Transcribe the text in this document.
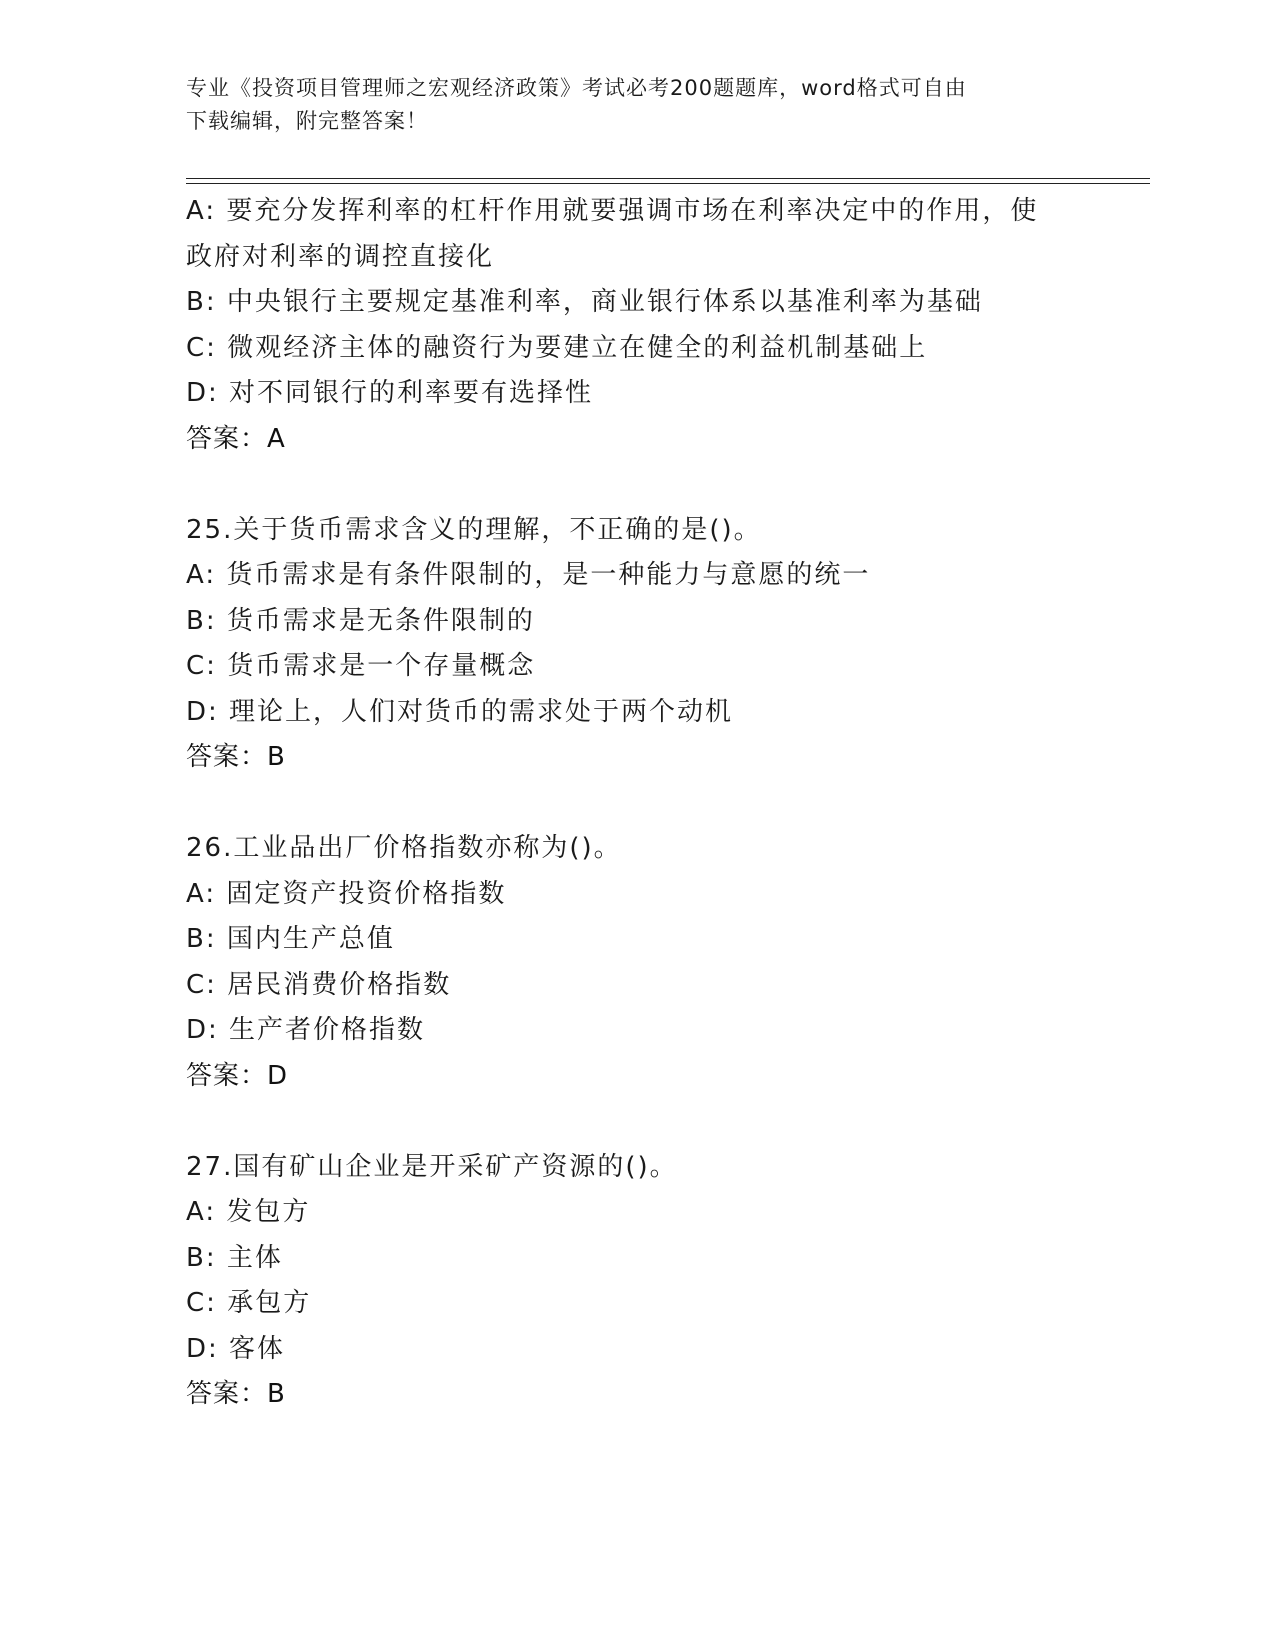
专业《投资项目管理师之宏观经济政策》考试必考200题题库，word格式可自由
下载编辑，附完整答案！
A: 要充分发挥利率的杠杆作用就要强调市场在利率决定中的作用，使
政府对利率的调控直接化
B: 中央银行主要规定基准利率，商业银行体系以基准利率为基础
C: 微观经济主体的融资行为要建立在健全的利益机制基础上
D: 对不同银行的利率要有选择性
答案：A
25.关于货币需求含义的理解，不正确的是()。
A: 货币需求是有条件限制的，是一种能力与意愿的统一
B: 货币需求是无条件限制的
C: 货币需求是一个存量概念
D: 理论上，人们对货币的需求处于两个动机
答案：B
26.工业品出厂价格指数亦称为()。
A: 固定资产投资价格指数
B: 国内生产总值
C: 居民消费价格指数
D: 生产者价格指数
答案：D
27.国有矿山企业是开采矿产资源的()。
A: 发包方
B: 主体
C: 承包方
D: 客体
答案：B
